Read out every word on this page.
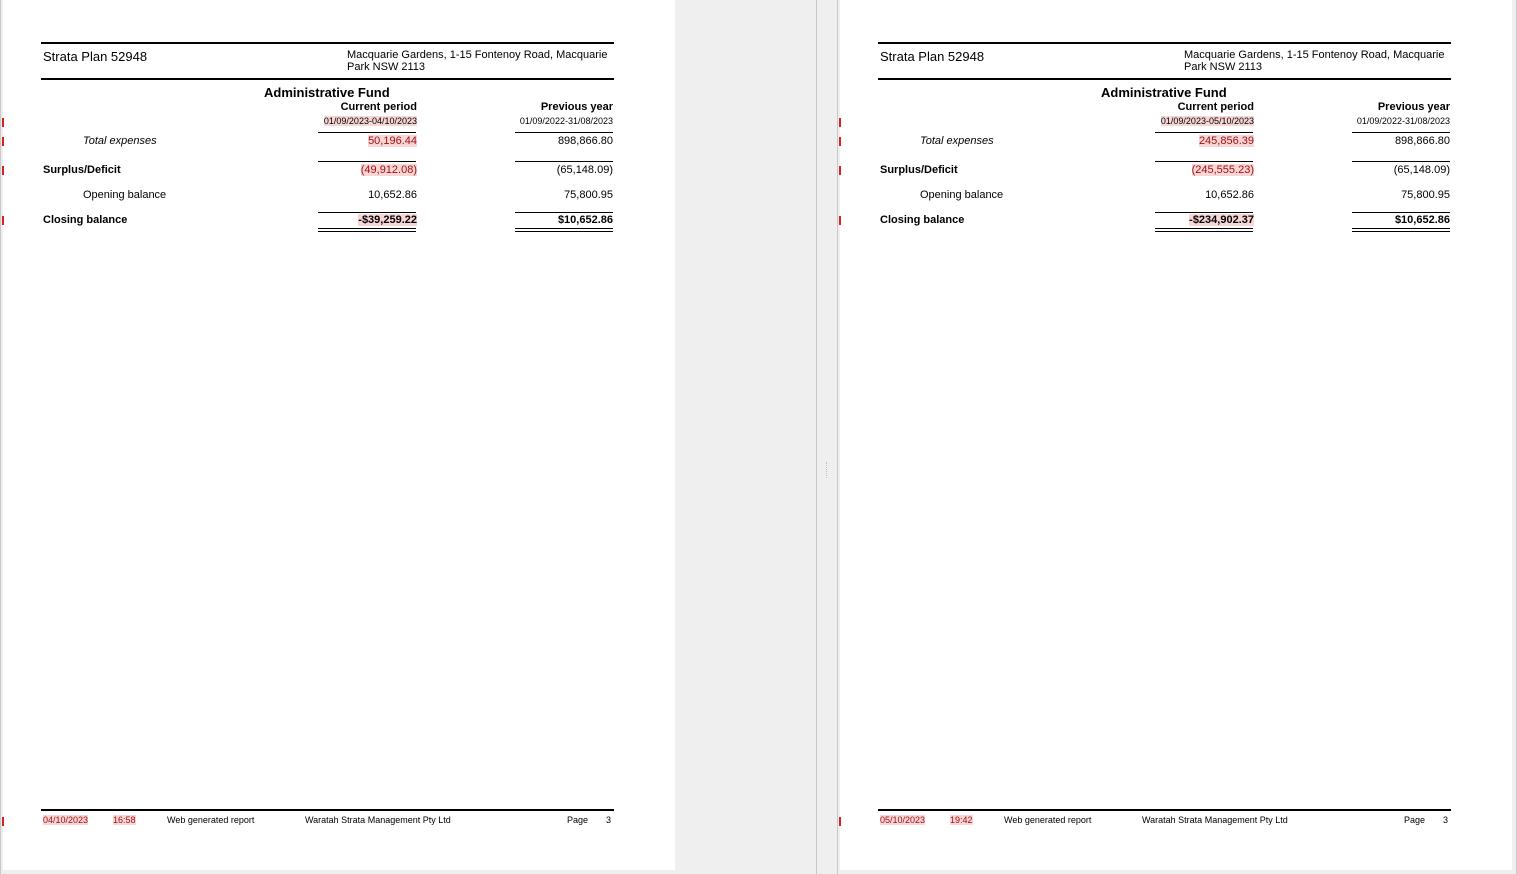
Strata Plan 52948	Macquarie Gardens, 1-15 Fontenoy Road, Macquarie Park NSW 2113
Administrative Fund
Current period	Previous year
01/09/2023-04/10/2023	01/09/2022-31/08/2023
Total expenses	50,196.44	898,866.80
Surplus/Deficit	(49,912.08)	(65,148.09)
Opening balance	10,652.86	75,800.95
Closing balance	-$39,259.22	$10,652.86
04/10/2023	16:58	Web generated report	Waratah Strata Management Pty Ltd	Page 3
Strata Plan 52948	Macquarie Gardens, 1-15 Fontenoy Road, Macquarie Park NSW 2113
Administrative Fund
Current period	Previous year
01/09/2023-05/10/2023	01/09/2022-31/08/2023
Total expenses	245,856.39	898,866.80
Surplus/Deficit	(245,555.23)	(65,148.09)
Opening balance	10,652.86	75,800.95
Closing balance	-$234,902.37	$10,652.86
05/10/2023	19:42	Web generated report	Waratah Strata Management Pty Ltd	Page 3
